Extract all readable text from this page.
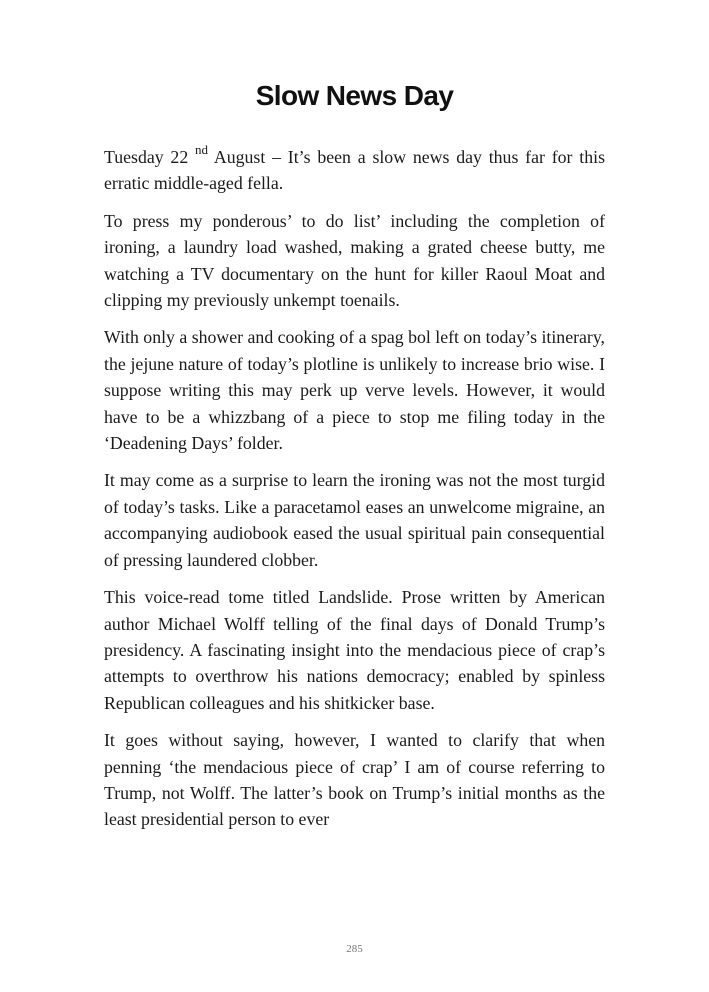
Slow News Day

Tuesday 22 $^{nd}$ August – It’s been a slow news day thus far for this erratic middle-aged fella.

To press my ponderous’ to do list’ including the completion of ironing, a laundry load washed, making a grated cheese butty, me watching a TV documentary on the hunt for killer Raoul Moat and clipping my previously unkempt toenails.

With only a shower and cooking of a spag bol left on today’s itinerary, the jejune nature of today’s plotline is unlikely to increase brio wise. I suppose writing this may perk up verve levels. However, it would have to be a whizzbang of a piece to stop me filing today in the ‘Deadening Days’ folder.

It may come as a surprise to learn the ironing was not the most turgid of today’s tasks. Like a paracetamol eases an unwelcome migraine, an accompanying audiobook eased the usual spiritual pain consequential of pressing laundered clobber.

This voice-read tome titled Landslide. Prose written by American author Michael Wolff telling of the final days of Donald Trump’s presidency. A fascinating insight into the mendacious piece of crap’s attempts to overthrow his nations democracy; enabled by spinless Republican colleagues and his shitkicker base.

It goes without saying, however, I wanted to clarify that when penning ‘the mendacious piece of crap’ I am of course referring to Trump, not Wolff. The latter’s book on Trump’s initial months as the least presidential person to ever

285
